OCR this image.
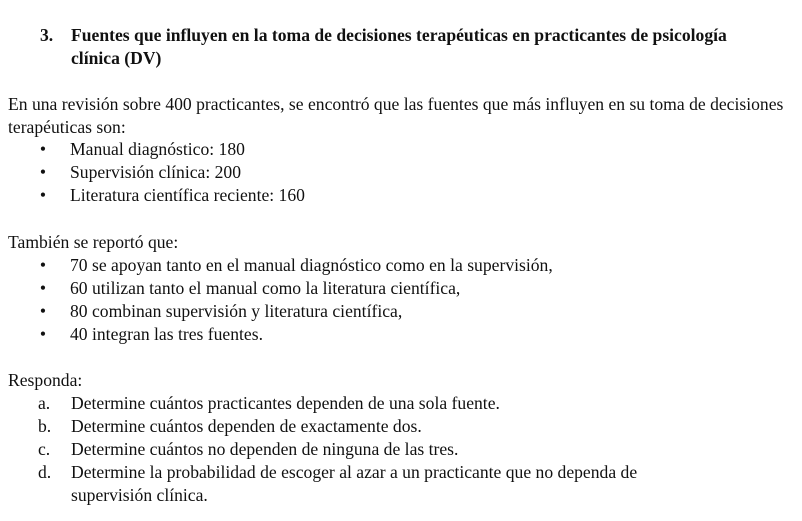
3.	Fuentes que influyen en la toma de decisiones terapéuticas en practicantes de psicología clínica (DV)
En una revisión sobre 400 practicantes, se encontró que las fuentes que más influyen en su toma de decisiones terapéuticas son:
• Manual diagnóstico: 180
• Supervisión clínica: 200
• Literatura científica reciente: 160
También se reportó que:
• 70 se apoyan tanto en el manual diagnóstico como en la supervisión,
• 60 utilizan tanto el manual como la literatura científica,
• 80 combinan supervisión y literatura científica,
• 40 integran las tres fuentes.
Responda:
a. Determine cuántos practicantes dependen de una sola fuente.
b. Determine cuántos dependen de exactamente dos.
c. Determine cuántos no dependen de ninguna de las tres.
d. Determine la probabilidad de escoger al azar a un practicante que no dependa de supervisión clínica.
